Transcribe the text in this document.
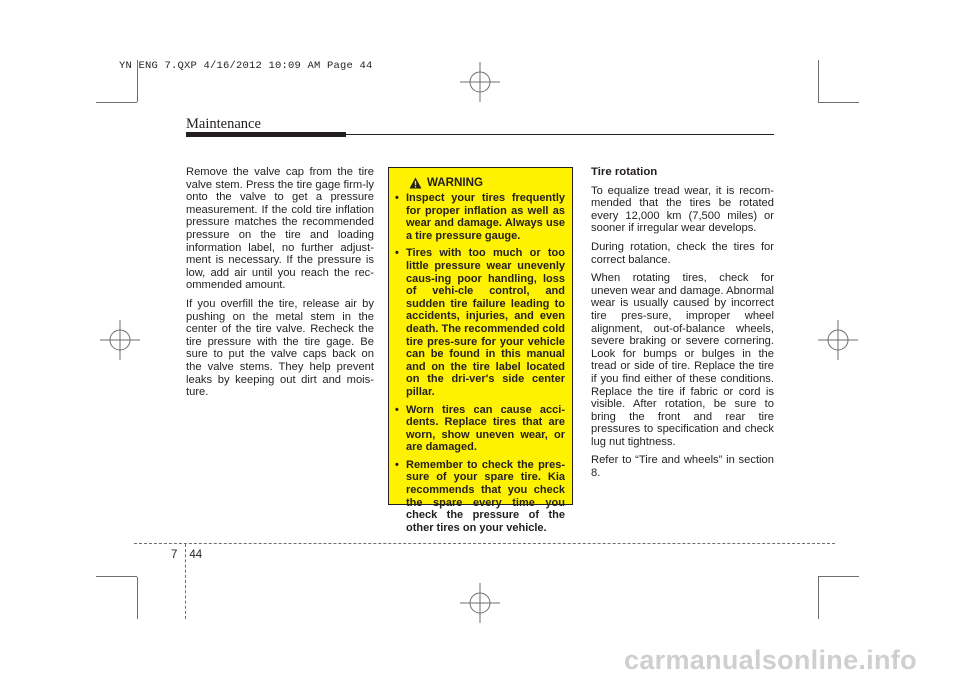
YN ENG 7.QXP 4/16/2012 10:09 AM Page 44
Maintenance

Remove the valve cap from the tire valve stem. Press the tire gage firm-ly onto the valve to get a pressure measurement. If the cold tire inflation pressure matches the recommended pressure on the tire and loading information label, no further adjust-ment is necessary. If the pressure is low, add air until you reach the rec-ommended amount.

If you overfill the tire, release air by pushing on the metal stem in the center of the tire valve. Recheck the tire pressure with the tire gage. Be sure to put the valve caps back on the valve stems. They help prevent leaks by keeping out dirt and mois-ture.

WARNING
• Inspect your tires frequently for proper inflation as well as wear and damage. Always use a tire pressure gauge.
• Tires with too much or too little pressure wear unevenly caus-ing poor handling, loss of vehi-cle control, and sudden tire failure leading to accidents, injuries, and even death. The recommended cold tire pres-sure for your vehicle can be found in this manual and on the tire label located on the dri-ver's side center pillar.
• Worn tires can cause acci-dents. Replace tires that are worn, show uneven wear, or are damaged.
• Remember to check the pres-sure of your spare tire. Kia recommends that you check the spare every time you check the pressure of the other tires on your vehicle.

Tire rotation

To equalize tread wear, it is recom-mended that the tires be rotated every 12,000 km (7,500 miles) or sooner if irregular wear develops.

During rotation, check the tires for correct balance.

When rotating tires, check for uneven wear and damage. Abnormal wear is usually caused by incorrect tire pres-sure, improper wheel alignment, out-of-balance wheels, severe braking or severe cornering. Look for bumps or bulges in the tread or side of tire. Replace the tire if you find either of these conditions. Replace the tire if fabric or cord is visible. After rotation, be sure to bring the front and rear tire pressures to specification and check lug nut tightness.

Refer to “Tire and wheels” in section 8.

7 44
carmanualsonline.info
